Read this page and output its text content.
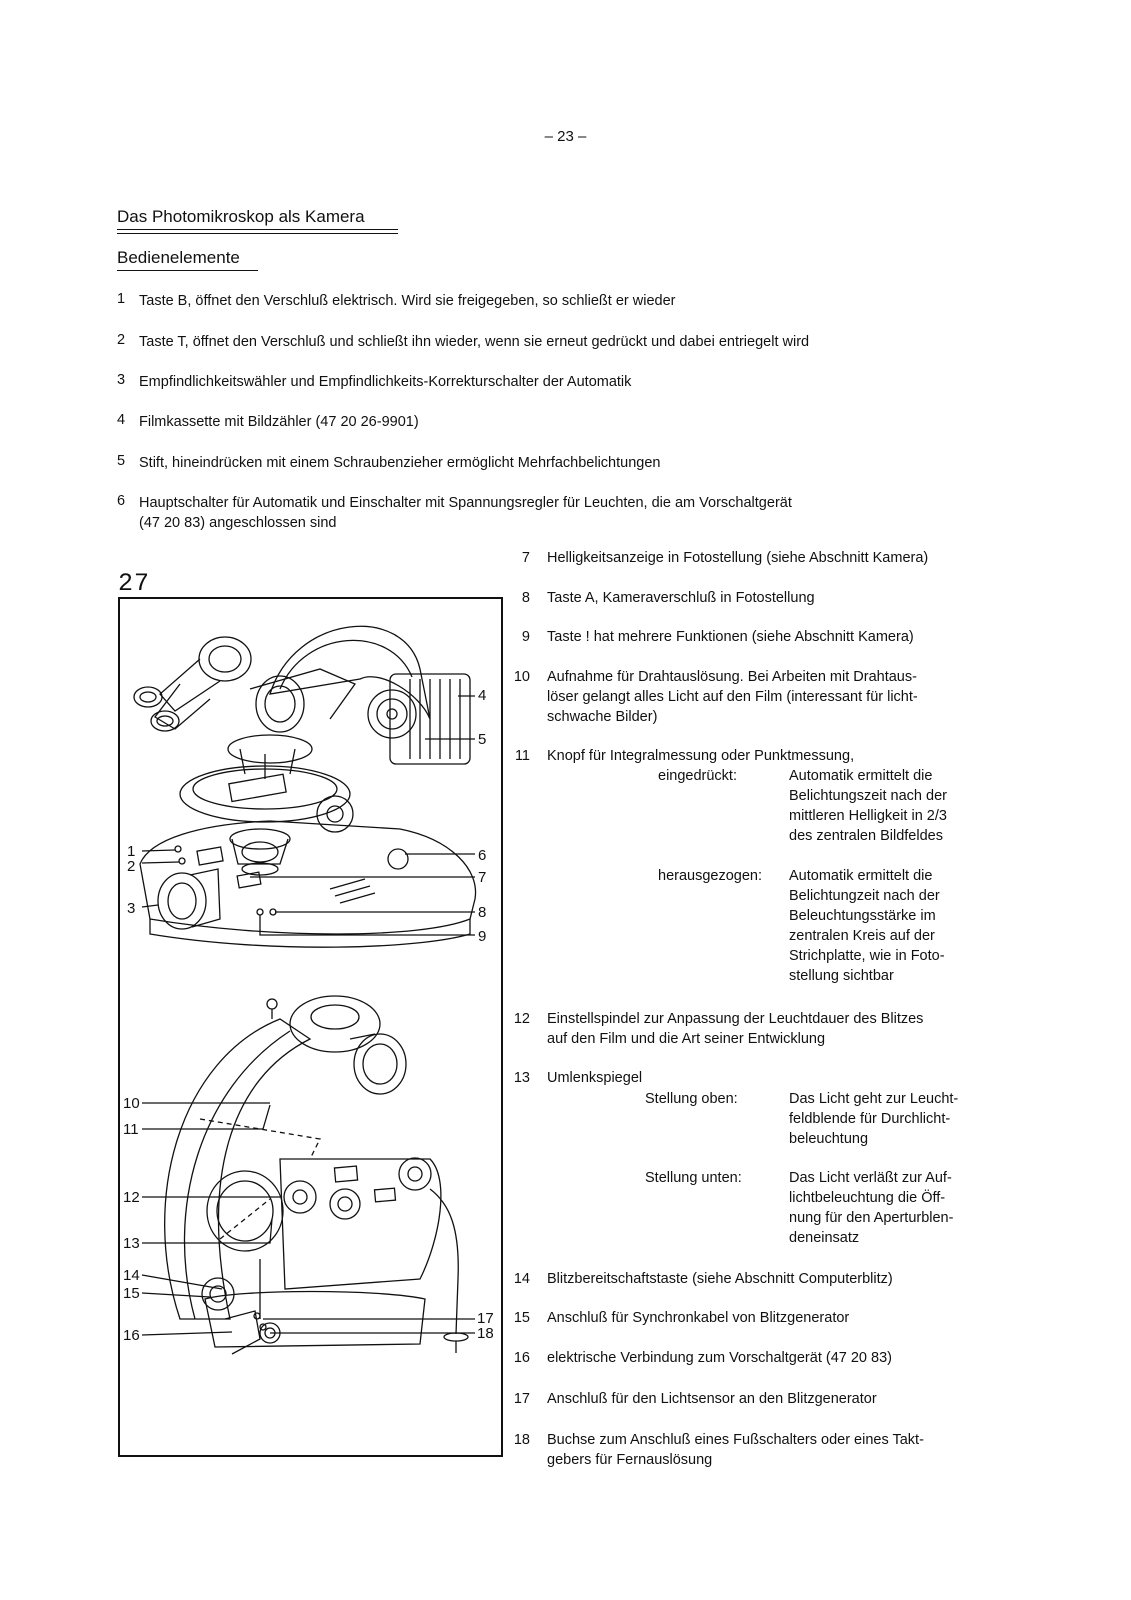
– 23 –
Das Photomikroskop als Kamera
Bedienelemente
1 Taste B, öffnet den Verschluß elektrisch. Wird sie freigegeben, so schließt er wieder
2 Taste T, öffnet den Verschluß und schließt ihn wieder, wenn sie erneut gedrückt und dabei entriegelt wird
3 Empfindlichkeitswähler und Empfindlichkeits-Korrekturschalter der Automatik
4 Filmkassette mit Bildzähler (47 20 26-9901)
5 Stift, hineindrücken mit einem Schraubenzieher ermöglicht Mehrfachbelichtungen
6 Hauptschalter für Automatik und Einschalter mit Spannungsregler für Leuchten, die am Vorschaltgerät
(47 20 83) angeschlossen sind
27
1
2
3
4
5
6
7
8
9
10
11
12
13
14
15
16
17
18
7 Helligkeitsanzeige in Fotostellung (siehe Abschnitt Kamera)
8 Taste A, Kameraverschluß in Fotostellung
9 Taste ! hat mehrere Funktionen (siehe Abschnitt Kamera)
10 Aufnahme für Drahtauslösung. Bei Arbeiten mit Drahtaus-
löser gelangt alles Licht auf den Film (interessant für licht-
schwache Bilder)
11 Knopf für Integralmessung oder Punktmessung,
eingedrückt:	Automatik ermittelt die
Belichtungszeit nach der
mittleren Helligkeit in 2/3
des zentralen Bildfeldes
herausgezogen: Automatik ermittelt die
Belichtungzeit nach der
Beleuchtungsstärke im
zentralen Kreis auf der
Strichplatte, wie in Foto-
stellung sichtbar
12 Einstellspindel zur Anpassung der Leuchtdauer des Blitzes
auf den Film und die Art seiner Entwicklung
13 Umlenkspiegel
Stellung oben:	Das Licht geht zur Leucht-
feldblende für Durchlicht-
beleuchtung
Stellung unten:	Das Licht verläßt zur Auf-
lichtbeleuchtung die Öff-
nung für den Aperturblen-
deneinsatz
14 Blitzbereitschaftstaste (siehe Abschnitt Computerblitz)
15 Anschluß für Synchronkabel von Blitzgenerator
16 elektrische Verbindung zum Vorschaltgerät (47 20 83)
17 Anschluß für den Lichtsensor an den Blitzgenerator
18 Buchse zum Anschluß eines Fußschalters oder eines Takt-
gebers für Fernauslösung
